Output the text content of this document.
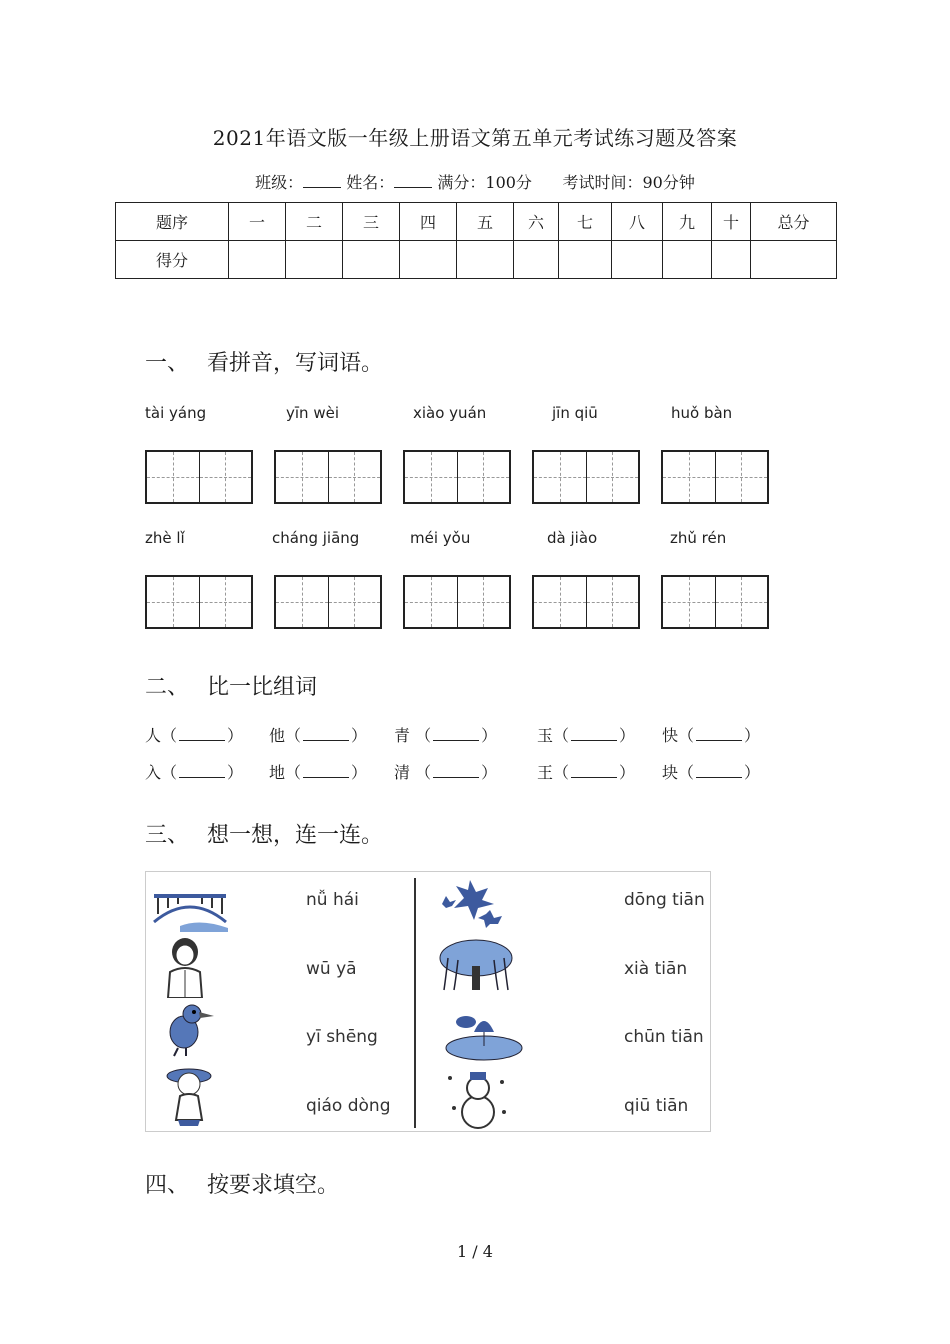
2021年语文版一年级上册语文第五单元考试练习题及答案
班级：	姓名：	满分：100分 考试时间：90分钟
题序	一	二	三	四	五	六	七	八	九	十	总分
得分											
一、 看拼音，写词语。
tài yáng	yīn wèi	xiào yuán	jīn qiū	huǒ bàn
zhè lǐ	cháng jiāng	méi yǒu	dà jiào	zhǔ rén
二、 比一比组词
人（	） 他（	） 青 （	） 玉（	） 快（	）
入（	） 地（	） 清 （	） 王（	） 块（	）
三、 想一想，连一连。
nǚ hái
wū yā
yī shēng
qiáo dòng
dōng tiān
xià tiān
chūn tiān
qiū tiān
四、 按要求填空。
1 / 4
